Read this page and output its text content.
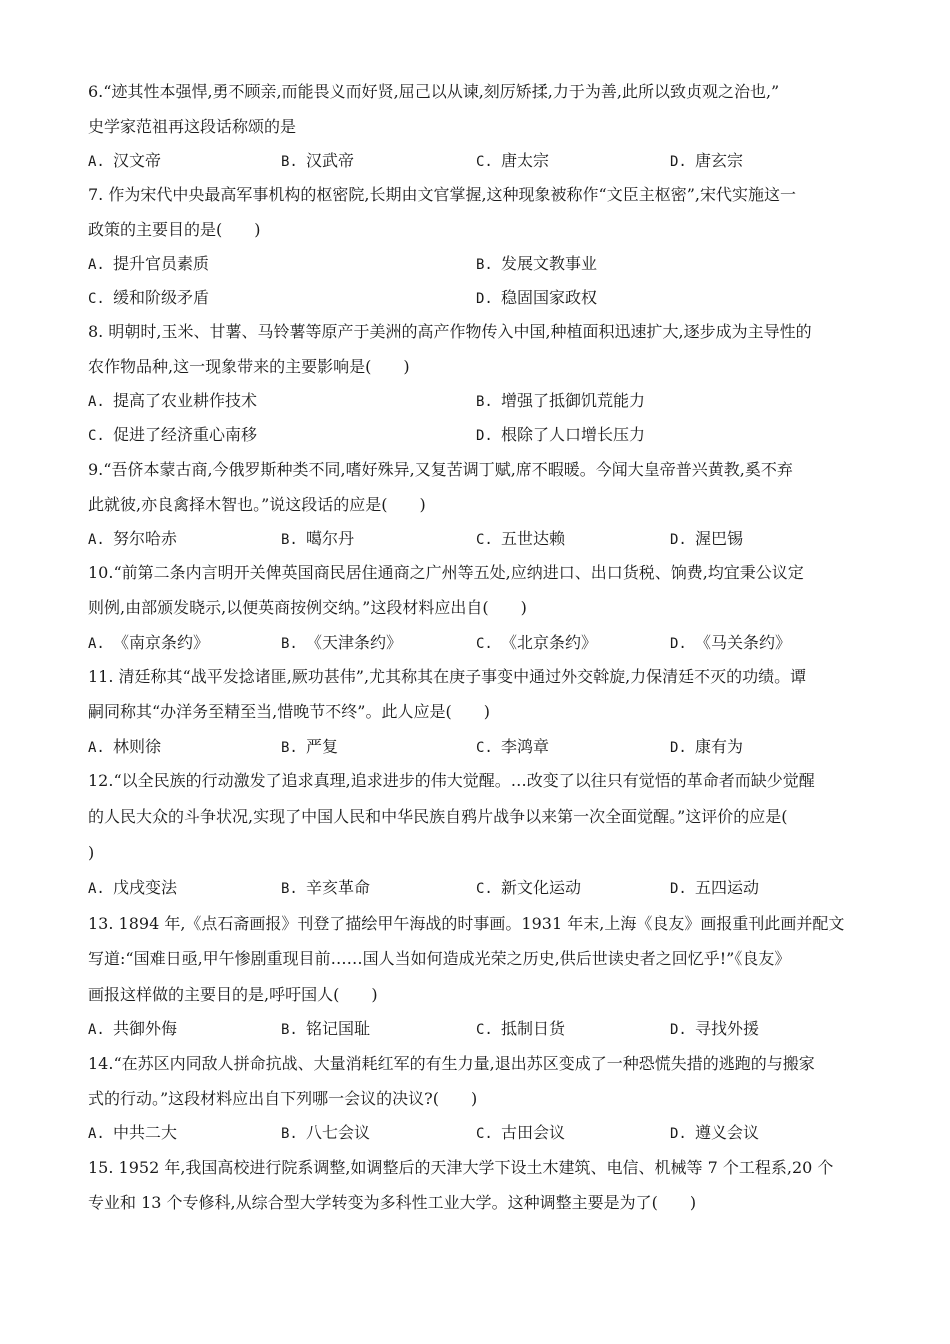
6.“迹其性本强悍,勇不顾亲,而能畏义而好贤,屈己以从谏,刻厉矫揉,力于为善,此所以致贞观之治也,”
史学家范祖再这段话称颂的是
A. 汉文帝	B. 汉武帝	C. 唐太宗	D. 唐玄宗
7. 作为宋代中央最高军事机构的枢密院,长期由文官掌握,这种现象被称作“文臣主枢密”,宋代实施这一
政策的主要目的是(　　)
A. 提升官员素质	B. 发展文教事业
C. 缓和阶级矛盾	D. 稳固国家政权
8. 明朝时,玉米、甘薯、马铃薯等原产于美洲的高产作物传入中国,种植面积迅速扩大,逐步成为主导性的
农作物品种,这一现象带来的主要影响是(　　)
A. 提高了农业耕作技术	B. 增强了抵御饥荒能力
C. 促进了经济重心南移	D. 根除了人口增长压力
9.“吾侪本蒙古商,今俄罗斯种类不同,嗜好殊异,又复苦调丁赋,席不暇暖。今闻大皇帝普兴黄教,奚不弃
此就彼,亦良禽择木智也。”说这段话的应是(　　)
A. 努尔哈赤	B. 噶尔丹	C. 五世达赖	D. 渥巴锡
10.“前第二条内言明开关俾英国商民居住通商之广州等五处,应纳进口、出口货税、饷费,均宜秉公议定
则例,由部颁发晓示,以便英商按例交纳。”这段材料应出自(　　)
A. 《南京条约》	B. 《天津条约》	C. 《北京条约》	D. 《马关条约》
11. 清廷称其“战平发捻诸匪,厥功甚伟”,尤其称其在庚子事变中通过外交斡旋,力保清廷不灭的功绩。谭
嗣同称其“办洋务至精至当,惜晚节不终”。此人应是(　　)
A. 林则徐	B. 严复	C. 李鸿章	D. 康有为
12.“以全民族的行动激发了追求真理,追求进步的伟大觉醒。…改变了以往只有觉悟的革命者而缺少觉醒
的人民大众的斗争状况,实现了中国人民和中华民族自鸦片战争以来第一次全面觉醒。”这评价的应是(
)
A. 戊戌变法	B. 辛亥革命	C. 新文化运动	D. 五四运动
13. 1894 年,《点石斋画报》刊登了描绘甲午海战的时事画。1931 年末,上海《良友》画报重刊此画并配文
写道:“国难日亟,甲午惨剧重现目前……国人当如何造成光荣之历史,供后世读史者之回忆乎!”《良友》
画报这样做的主要目的是,呼吁国人(　　)
A. 共御外侮	B. 铭记国耻	C. 抵制日货	D. 寻找外援
14.“在苏区内同敌人拼命抗战、大量消耗红军的有生力量,退出苏区变成了一种恐慌失措的逃跑的与搬家
式的行动。”这段材料应出自下列哪一会议的决议?(　　)
A. 中共二大	B. 八七会议	C. 古田会议	D. 遵义会议
15. 1952 年,我国高校进行院系调整,如调整后的天津大学下设土木建筑、电信、机械等 7 个工程系,20 个
专业和 13 个专修科,从综合型大学转变为多科性工业大学。这种调整主要是为了(　　)
